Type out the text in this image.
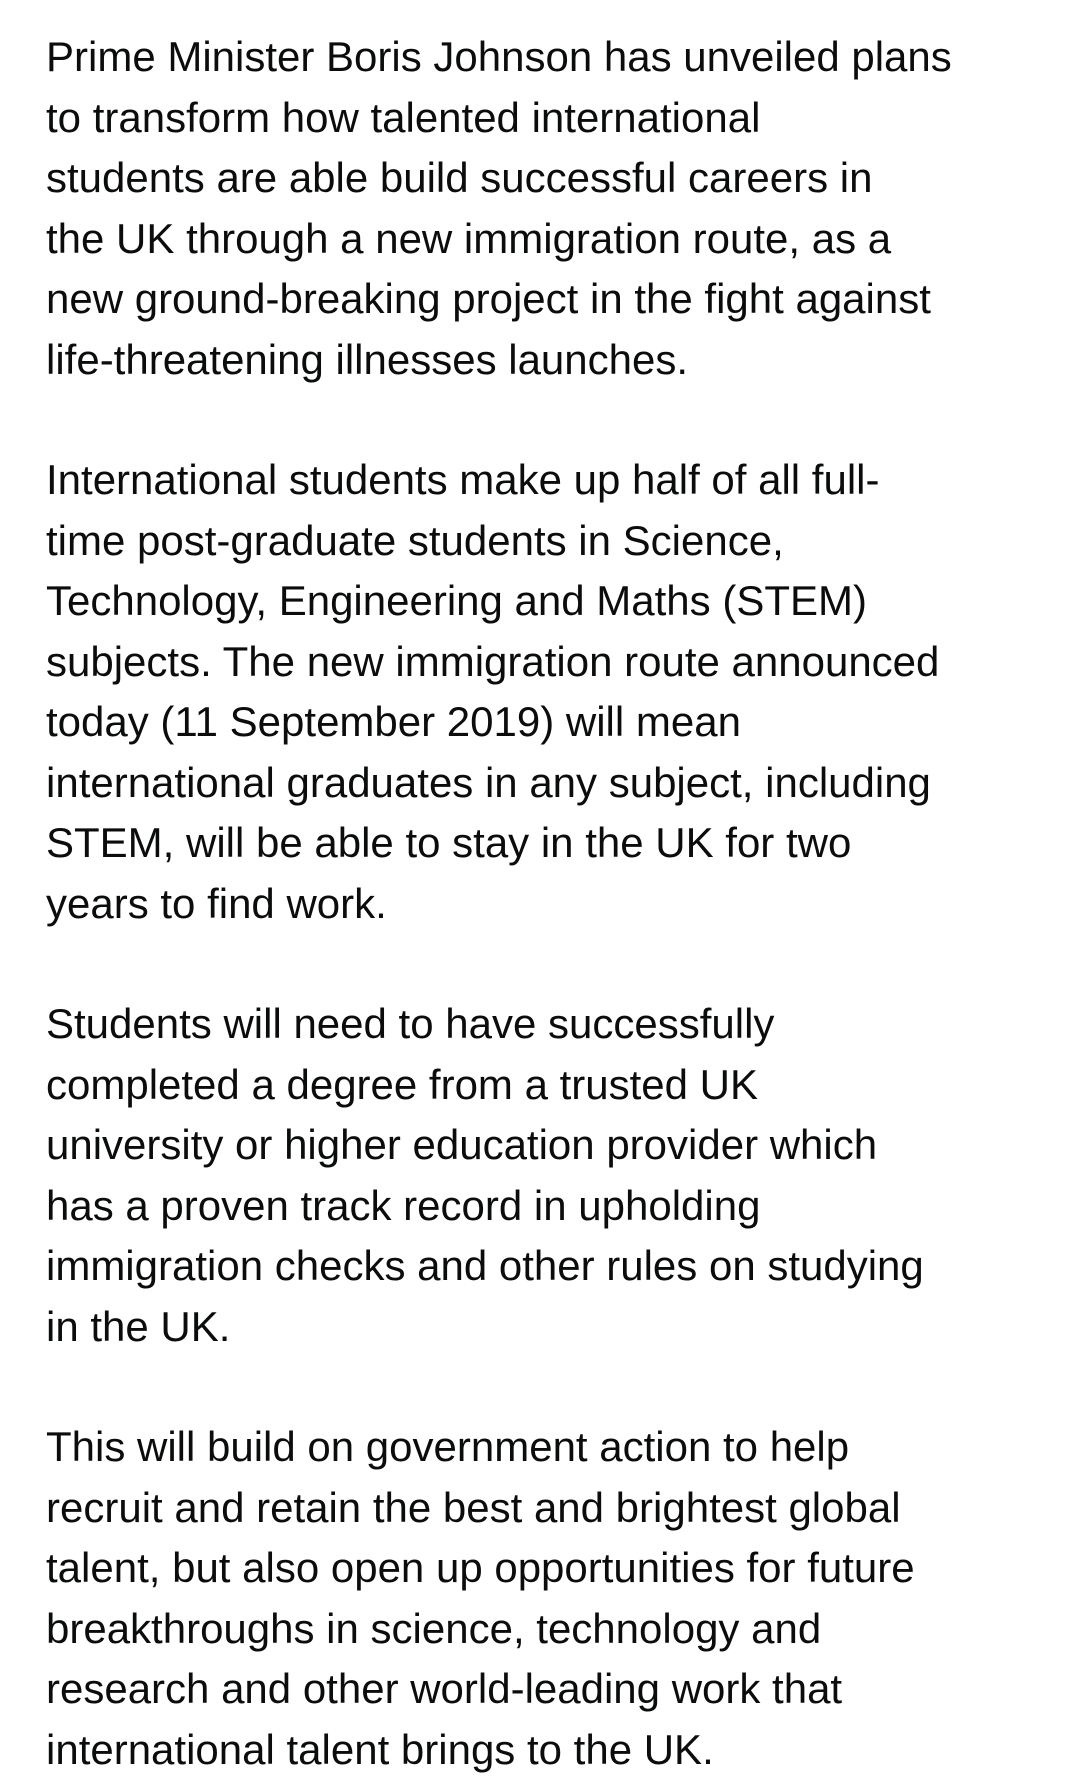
Prime Minister Boris Johnson has unveiled plans
to transform how talented international
students are able build successful careers in
the UK through a new immigration route, as a
new ground-breaking project in the fight against
life-threatening illnesses launches.

International students make up half of all full-
time post-graduate students in Science,
Technology, Engineering and Maths (STEM)
subjects. The new immigration route announced
today (11 September 2019) will mean
international graduates in any subject, including
STEM, will be able to stay in the UK for two
years to find work.

Students will need to have successfully
completed a degree from a trusted UK
university or higher education provider which
has a proven track record in upholding
immigration checks and other rules on studying
in the UK.

This will build on government action to help
recruit and retain the best and brightest global
talent, but also open up opportunities for future
breakthroughs in science, technology and
research and other world-leading work that
international talent brings to the UK.
